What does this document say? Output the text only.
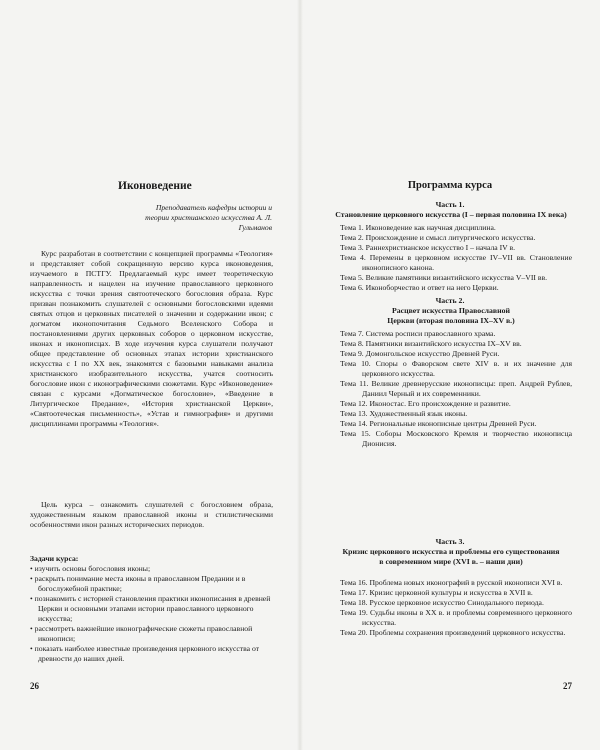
Иконоведение
Преподаватель кафедры истории и теории христианского искусства А. Л. Гульманов

Курс разработан в соответствии с концепцией программы «Теология» и представляет собой сокращенную версию курса иконоведения, изучаемого в ПСТГУ. Предлагаемый курс имеет теоретическую направленность и нацелен на изучение православного церковного искусства с точки зрения святоотеческого богословия образа. Курс призван познакомить слушателей с основными богословскими идеями святых отцов и церковных писателей о значении и содержании икон; с догматом иконопочитания Седьмого Вселенского Собора и постановлениями других церковных соборов о церковном искусстве, иконах и иконописцах. В ходе изучения курса слушатели получают общее представление об основных этапах истории христианского искусства с I по XX век, знакомятся с базовыми навыками анализа христианского изобразительного искусства, учатся соотносить богословие икон с иконографическими сюжетами. Курс «Иконоведение» связан с курсами «Догматическое богословие», «Введение в Литургическое Предание», «История христианской Церкви», «Святоотеческая письменность», «Устав и гимнография» и другими дисциплинами программы «Теология».

Цель курса – ознакомить слушателей с богословием образа, художественным языком православной иконы и стилистическими особенностями икон разных исторических периодов.

Задачи курса:
• изучить основы богословия иконы;
• раскрыть понимание места иконы в православном Предании и в богослужебной практике;
• познакомить с историей становления практики иконописания в древней Церкви и основными этапами истории православного церковного искусства;
• рассмотреть важнейшие иконографические сюжеты православной иконописи;
• показать наиболее известные произведения церковного искусства от древности до наших дней.
26
Программа курса
Часть 1.
Становление церковного искусства (I – первая половина IX века)
Тема 1. Иконоведение как научная дисциплина.
Тема 2. Происхождение и смысл литургического искусства.
Тема 3. Раннехристианское искусство I – начала IV в.
Тема 4. Перемены в церковном искусстве IV–VII вв. Становление иконописного канона.
Тема 5. Великие памятники византийского искусства V–VII вв.
Тема 6. Иконоборчество и ответ на него Церкви.
Часть 2.
Расцвет искусства Православной Церкви (вторая половина IX–XV в.)
Тема 7. Система росписи православного храма.
Тема 8. Памятники византийского искусства IX–XV вв.
Тема 9. Домонгольское искусство Древней Руси.
Тема 10. Споры о Фаворском свете XIV в. и их значение для церковного искусства.
Тема 11. Великие древнерусские иконописцы: преп. Андрей Рублев, Даниил Черный и их современники.
Тема 12. Иконостас. Его происхождение и развитие.
Тема 13. Художественный язык иконы.
Тема 14. Региональные иконописные центры Древней Руси.
Тема 15. Соборы Московского Кремля и творчество иконописца Дионисия.
Часть 3.
Кризис церковного искусства и проблемы его существования в современном мире (XVI в. – наши дни)
Тема 16. Проблема новых иконографий в русской иконописи XVI в.
Тема 17. Кризис церковной культуры и искусства в XVII в.
Тема 18. Русское церковное искусство Синодального периода.
Тема 19. Судьбы иконы в XX в. и проблемы современного церковного искусства.
Тема 20. Проблемы сохранения произведений церковного искусства.
27
